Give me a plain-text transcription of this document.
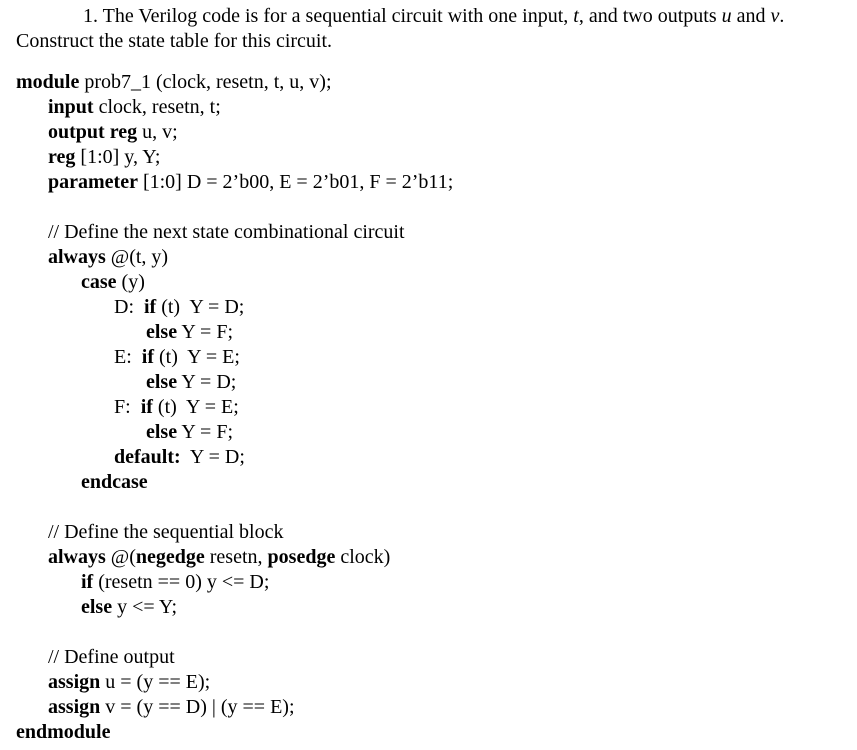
1. The Verilog code is for a sequential circuit with one input, t, and two outputs u and v.
Construct the state table for this circuit.
module prob7_1 (clock, resetn, t, u, v);
input clock, resetn, t;
output reg u, v;
reg [1:0] y, Y;
parameter [1:0] D = 2’b00, E = 2’b01, F = 2’b11;
// Define the next state combinational circuit
always @(t, y)
case (y)
D:  if (t)  Y = D;
else Y = F;
E:  if (t)  Y = E;
else Y = D;
F:  if (t)  Y = E;
else Y = F;
default:  Y = D;
endcase
// Define the sequential block
always @(negedge resetn, posedge clock)
if (resetn == 0) y <= D;
else y <= Y;
// Define output
assign u = (y == E);
assign v = (y == D) | (y == E);
endmodule
